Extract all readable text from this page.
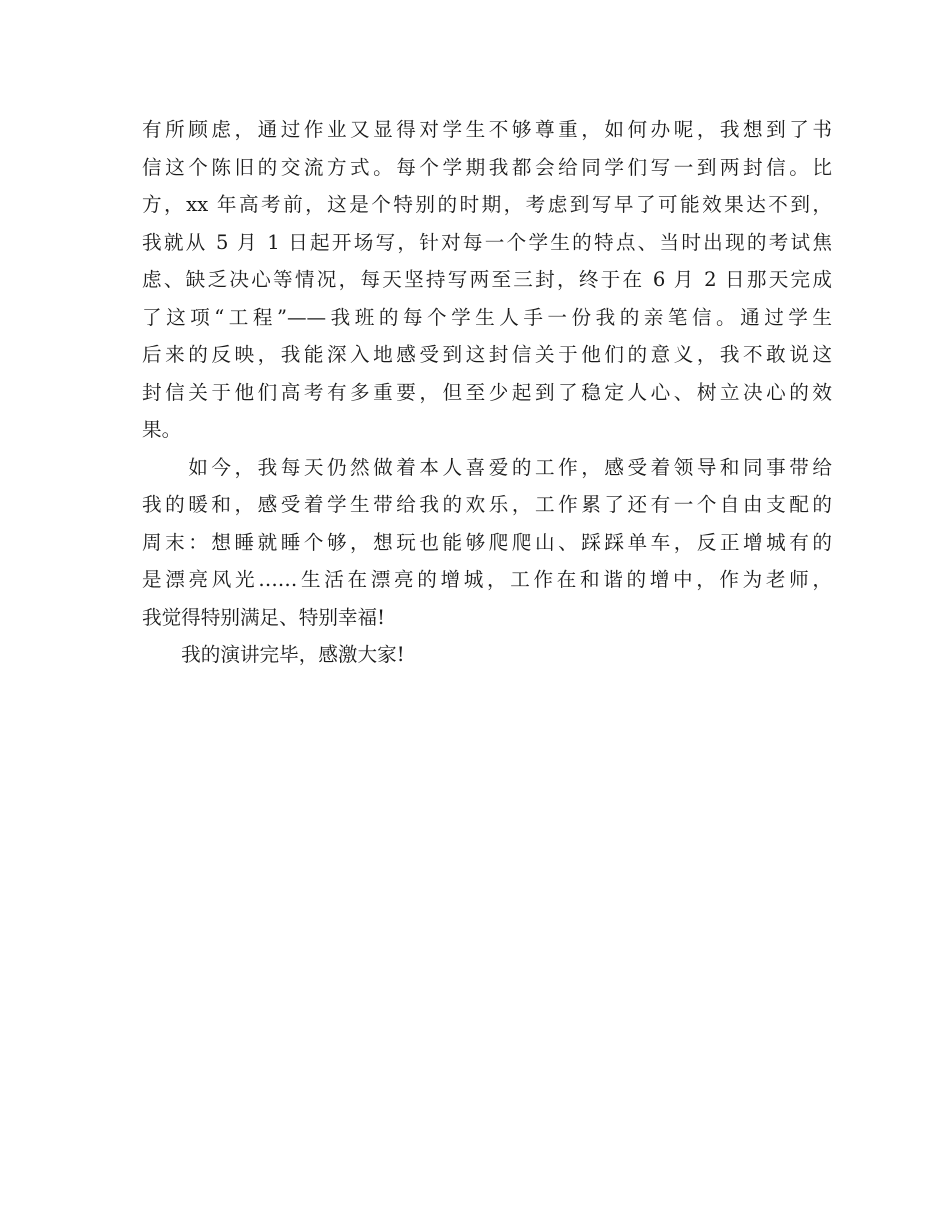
有所顾虑，通过作业又显得对学生不够尊重，如何办呢，我想到了书
信这个陈旧的交流方式。每个学期我都会给同学们写一到两封信。比
方，xx 年高考前，这是个特别的时期，考虑到写早了可能效果达不到，
我就从 5 月 1 日起开场写，针对每一个学生的特点、当时出现的考试焦
虑、缺乏决心等情况，每天坚持写两至三封，终于在 6 月 2 日那天完成
了这项“工程”——我班的每个学生人手一份我的亲笔信。通过学生
后来的反映，我能深入地感受到这封信关于他们的意义，我不敢说这
封信关于他们高考有多重要，但至少起到了稳定人心、树立决心的效
果。
　　如今，我每天仍然做着本人喜爱的工作，感受着领导和同事带给
我的暖和，感受着学生带给我的欢乐，工作累了还有一个自由支配的
周末：想睡就睡个够，想玩也能够爬爬山、踩踩单车，反正增城有的
是漂亮风光……生活在漂亮的增城，工作在和谐的增中，作为老师，
我觉得特别满足、特别幸福!
　　我的演讲完毕，感激大家!
